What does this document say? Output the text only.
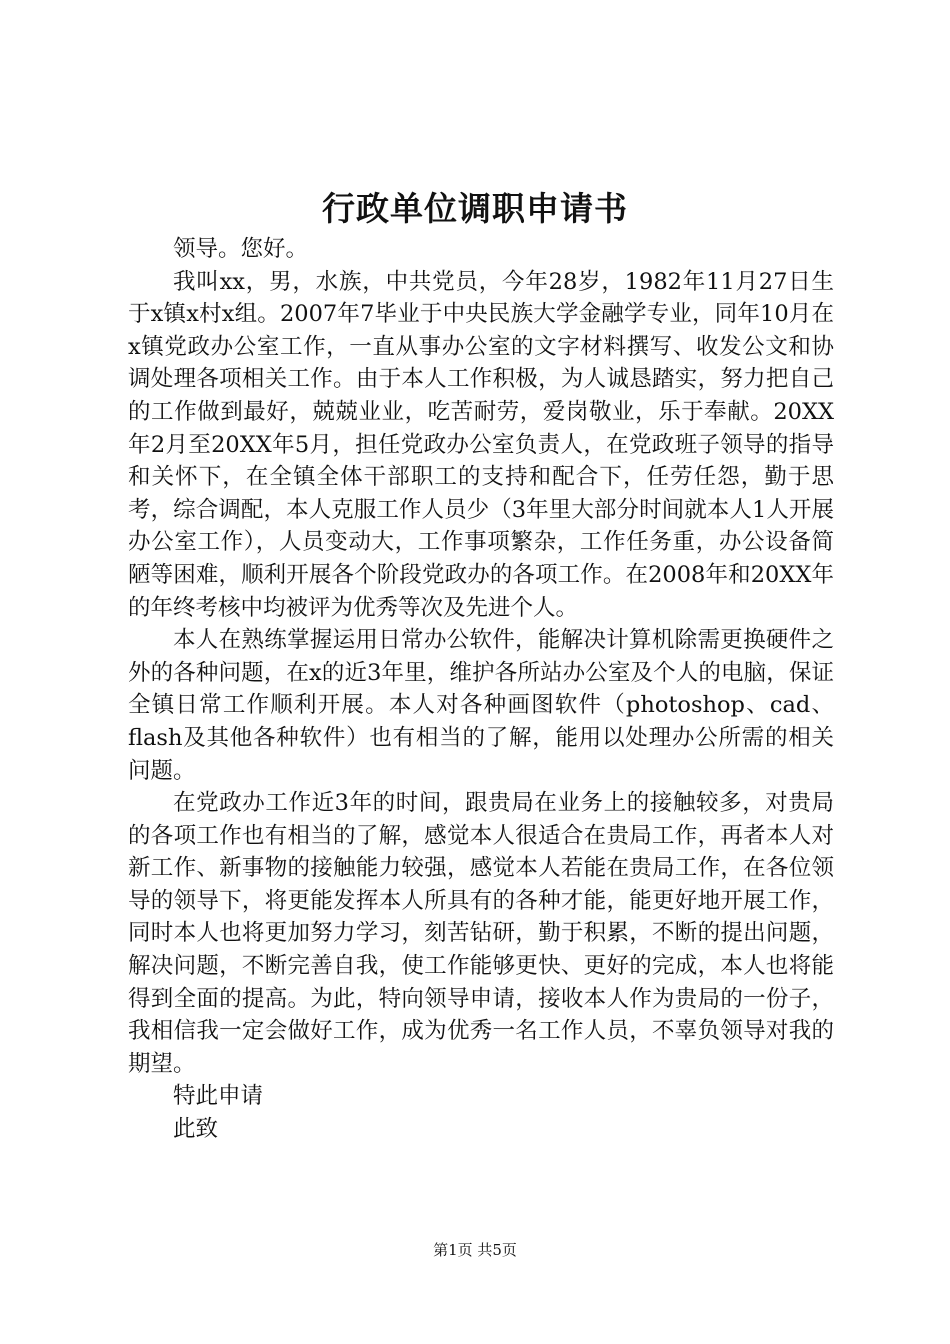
行政单位调职申请书

领导。您好。

我叫xx，男，水族，中共党员，今年28岁，1982年11月27日生于x镇x村x组。2007年7毕业于中央民族大学金融学专业，同年10月在x镇党政办公室工作，一直从事办公室的文字材料撰写、收发公文和协调处理各项相关工作。由于本人工作积极，为人诚恳踏实，努力把自己的工作做到最好，兢兢业业，吃苦耐劳，爱岗敬业，乐于奉献。20XX年2月至20XX年5月，担任党政办公室负责人，在党政班子领导的指导和关怀下，在全镇全体干部职工的支持和配合下，任劳任怨，勤于思考，综合调配，本人克服工作人员少（3年里大部分时间就本人1人开展办公室工作），人员变动大，工作事项繁杂，工作任务重，办公设备简陋等困难，顺利开展各个阶段党政办的各项工作。在2008年和20XX年的年终考核中均被评为优秀等次及先进个人。

本人在熟练掌握运用日常办公软件，能解决计算机除需更换硬件之外的各种问题，在x的近3年里，维护各所站办公室及个人的电脑，保证全镇日常工作顺利开展。本人对各种画图软件（photoshop、cad、flash及其他各种软件）也有相当的了解，能用以处理办公所需的相关问题。

在党政办工作近3年的时间，跟贵局在业务上的接触较多，对贵局的各项工作也有相当的了解，感觉本人很适合在贵局工作，再者本人对新工作、新事物的接触能力较强，感觉本人若能在贵局工作，在各位领导的领导下，将更能发挥本人所具有的各种才能，能更好地开展工作，同时本人也将更加努力学习，刻苦钻研，勤于积累，不断的提出问题，解决问题，不断完善自我，使工作能够更快、更好的完成，本人也将能得到全面的提高。为此，特向领导申请，接收本人作为贵局的一份子，我相信我一定会做好工作，成为优秀一名工作人员，不辜负领导对我的期望。

特此申请

此致

第1页 共5页
